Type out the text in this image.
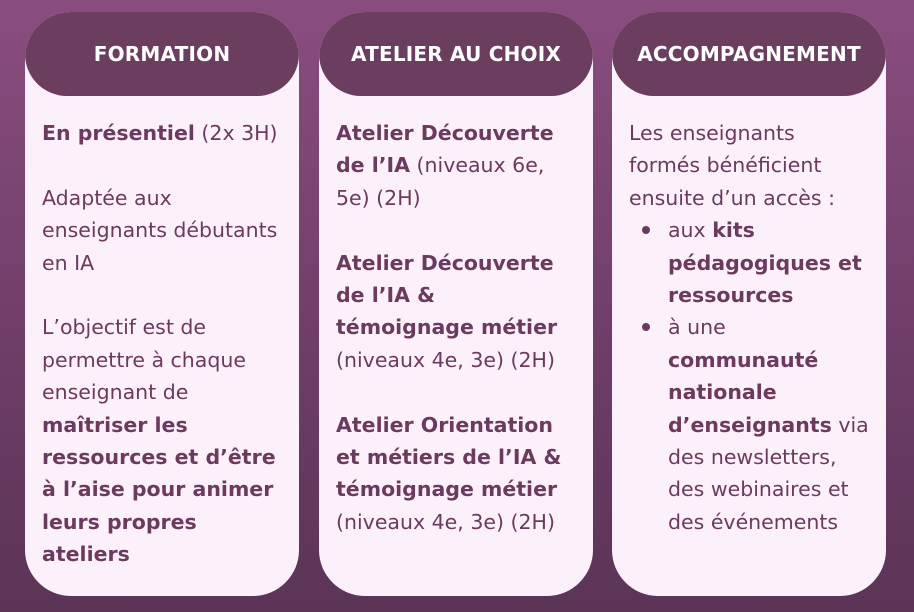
FORMATION

En présentiel (2x 3H)

Adaptée aux enseignants débutants en IA

L’objectif est de permettre à chaque enseignant de maîtriser les ressources et d’être à l’aise pour animer leurs propres ateliers

ATELIER AU CHOIX

Atelier Découverte de l’IA (niveaux 6e, 5e) (2H)

Atelier Découverte de l’IA & témoignage métier (niveaux 4e, 3e) (2H)

Atelier Orientation et métiers de l’IA & témoignage métier (niveaux 4e, 3e) (2H)

ACCOMPAGNEMENT

Les enseignants formés bénéficient ensuite d’un accès :

aux kits pédagogiques et ressources
à une communauté nationale d’enseignants via des newsletters, des webinaires et des événements
